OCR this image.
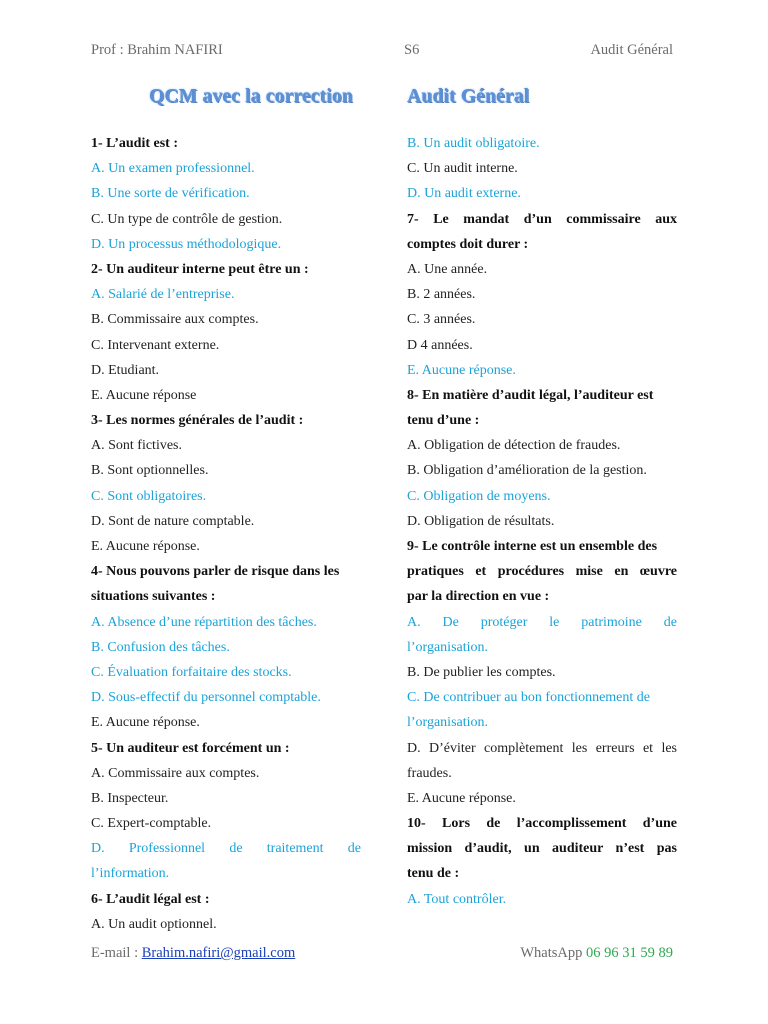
Prof : Brahim NAFIRI	S6	Audit Général
QCM avec la correction	Audit Général
1- L’audit est :
A. Un examen professionnel.
B. Une sorte de vérification.
C. Un type de contrôle de gestion.
D. Un processus méthodologique.
2- Un auditeur interne peut être un :
A. Salarié de l’entreprise.
B. Commissaire aux comptes.
C. Intervenant externe.
D. Etudiant.
E. Aucune réponse
3- Les normes générales de l’audit :
A. Sont fictives.
B. Sont optionnelles.
C. Sont obligatoires.
D. Sont de nature comptable.
E. Aucune réponse.
4- Nous pouvons parler de risque dans les
situations suivantes :
A. Absence d’une répartition des tâches.
B. Confusion des tâches.
C. Évaluation forfaitaire des stocks.
D. Sous-effectif du personnel comptable.
E. Aucune réponse.
5- Un auditeur est forcément un :
A. Commissaire aux comptes.
B. Inspecteur.
C. Expert-comptable.
D. Professionnel de traitement de
l’information.
6- L’audit légal est :
A. Un audit optionnel.
B. Un audit obligatoire.
C. Un audit interne.
D. Un audit externe.
7- Le mandat d’un commissaire aux
comptes doit durer :
A. Une année.
B. 2 années.
C. 3 années.
D 4 années.
E. Aucune réponse.
8- En matière d’audit légal, l’auditeur est
tenu d’une :
A. Obligation de détection de fraudes.
B. Obligation d’amélioration de la gestion.
C. Obligation de moyens.
D. Obligation de résultats.
9- Le contrôle interne est un ensemble des
pratiques et procédures mise en œuvre
par la direction en vue :
A. De protéger le patrimoine de
l’organisation.
B. De publier les comptes.
C. De contribuer au bon fonctionnement de
l’organisation.
D. D’éviter complètement les erreurs et les
fraudes.
E. Aucune réponse.
10- Lors de l’accomplissement d’une
mission d’audit, un auditeur n’est pas
tenu de :
A. Tout contrôler.
E-mail : Brahim.nafiri@gmail.com	WhatsApp 06 96 31 59 89
